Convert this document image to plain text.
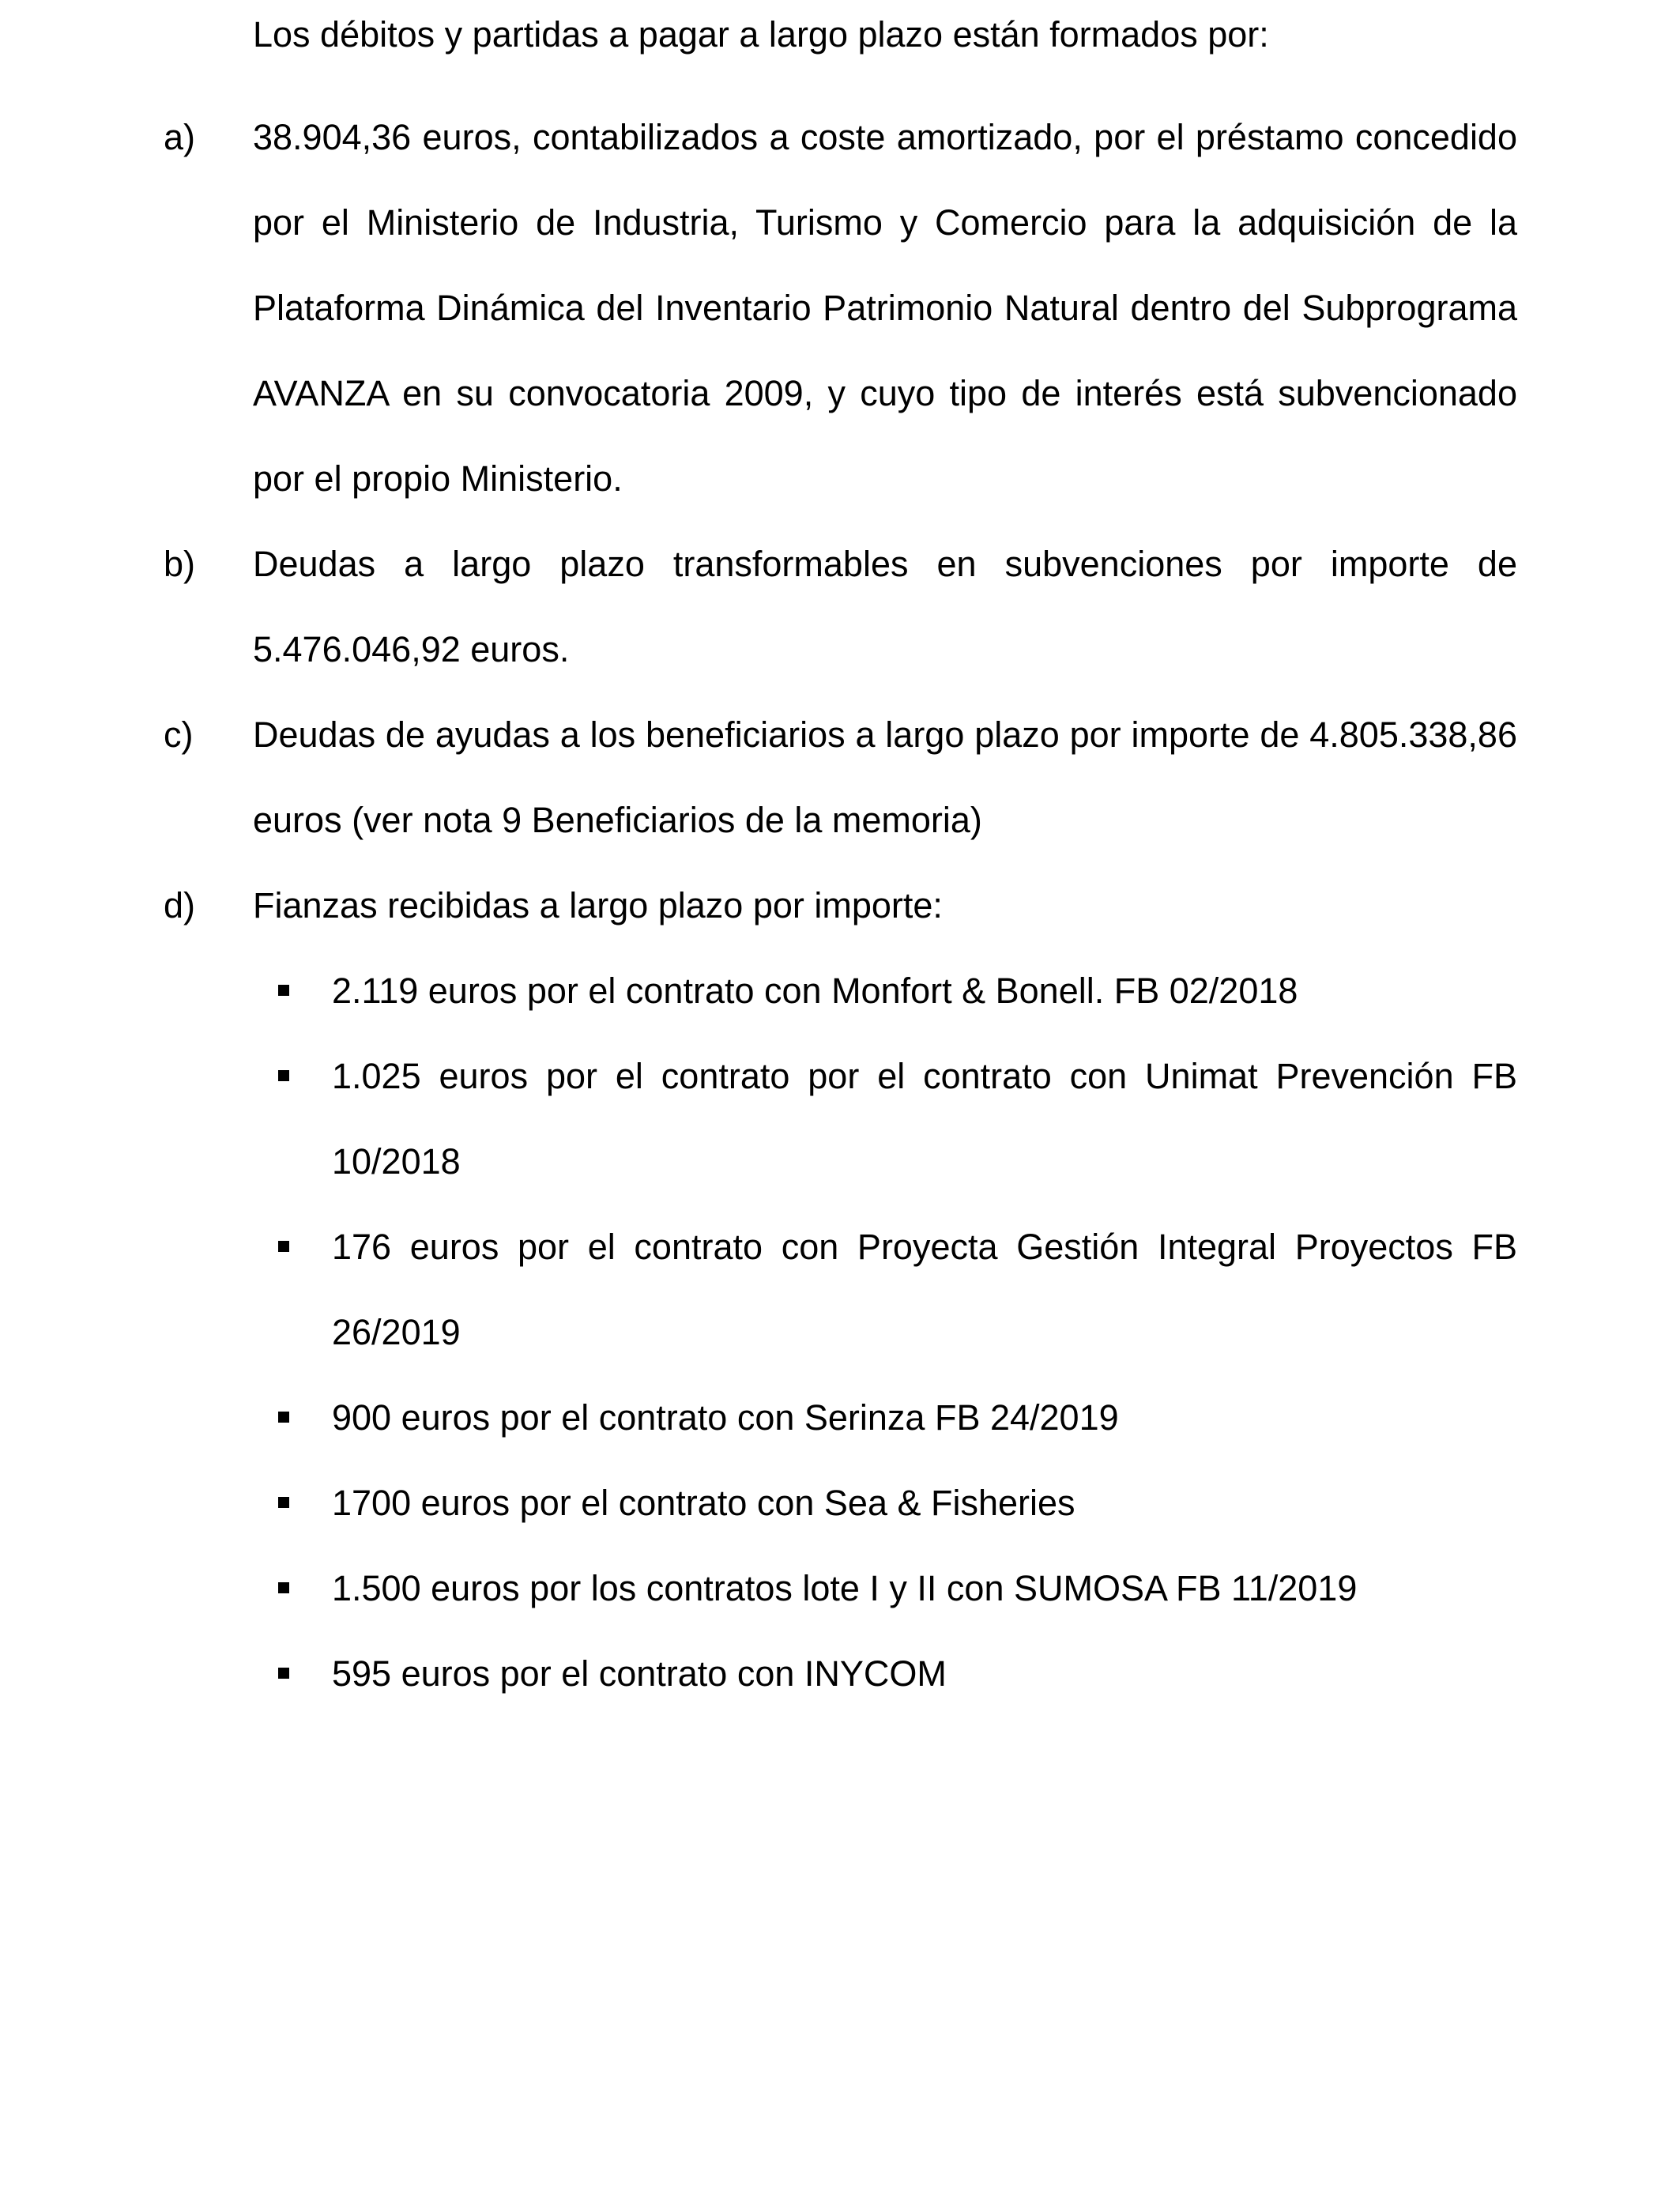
Los débitos y partidas a pagar a largo plazo están formados por:

a) 38.904,36 euros, contabilizados a coste amortizado, por el préstamo concedido por el Ministerio de Industria, Turismo y Comercio para la adquisición de la Plataforma Dinámica del Inventario Patrimonio Natural dentro del Subprograma AVANZA en su convocatoria 2009, y cuyo tipo de interés está subvencionado por el propio Ministerio.

b) Deudas a largo plazo transformables en subvenciones por importe de 5.476.046,92 euros.

c) Deudas de ayudas a los beneficiarios a largo plazo por importe de 4.805.338,86 euros (ver nota 9 Beneficiarios de la memoria)

d) Fianzas recibidas a largo plazo por importe:

2.119 euros por el contrato con Monfort & Bonell. FB 02/2018

1.025 euros por el contrato por el contrato con Unimat Prevención FB 10/2018

176 euros por el contrato con Proyecta Gestión Integral Proyectos FB 26/2019

900 euros por el contrato con Serinza FB 24/2019

1700 euros por el contrato con Sea & Fisheries

1.500 euros por los contratos lote I y II con SUMOSA FB 11/2019

595 euros por el contrato con INYCOM
